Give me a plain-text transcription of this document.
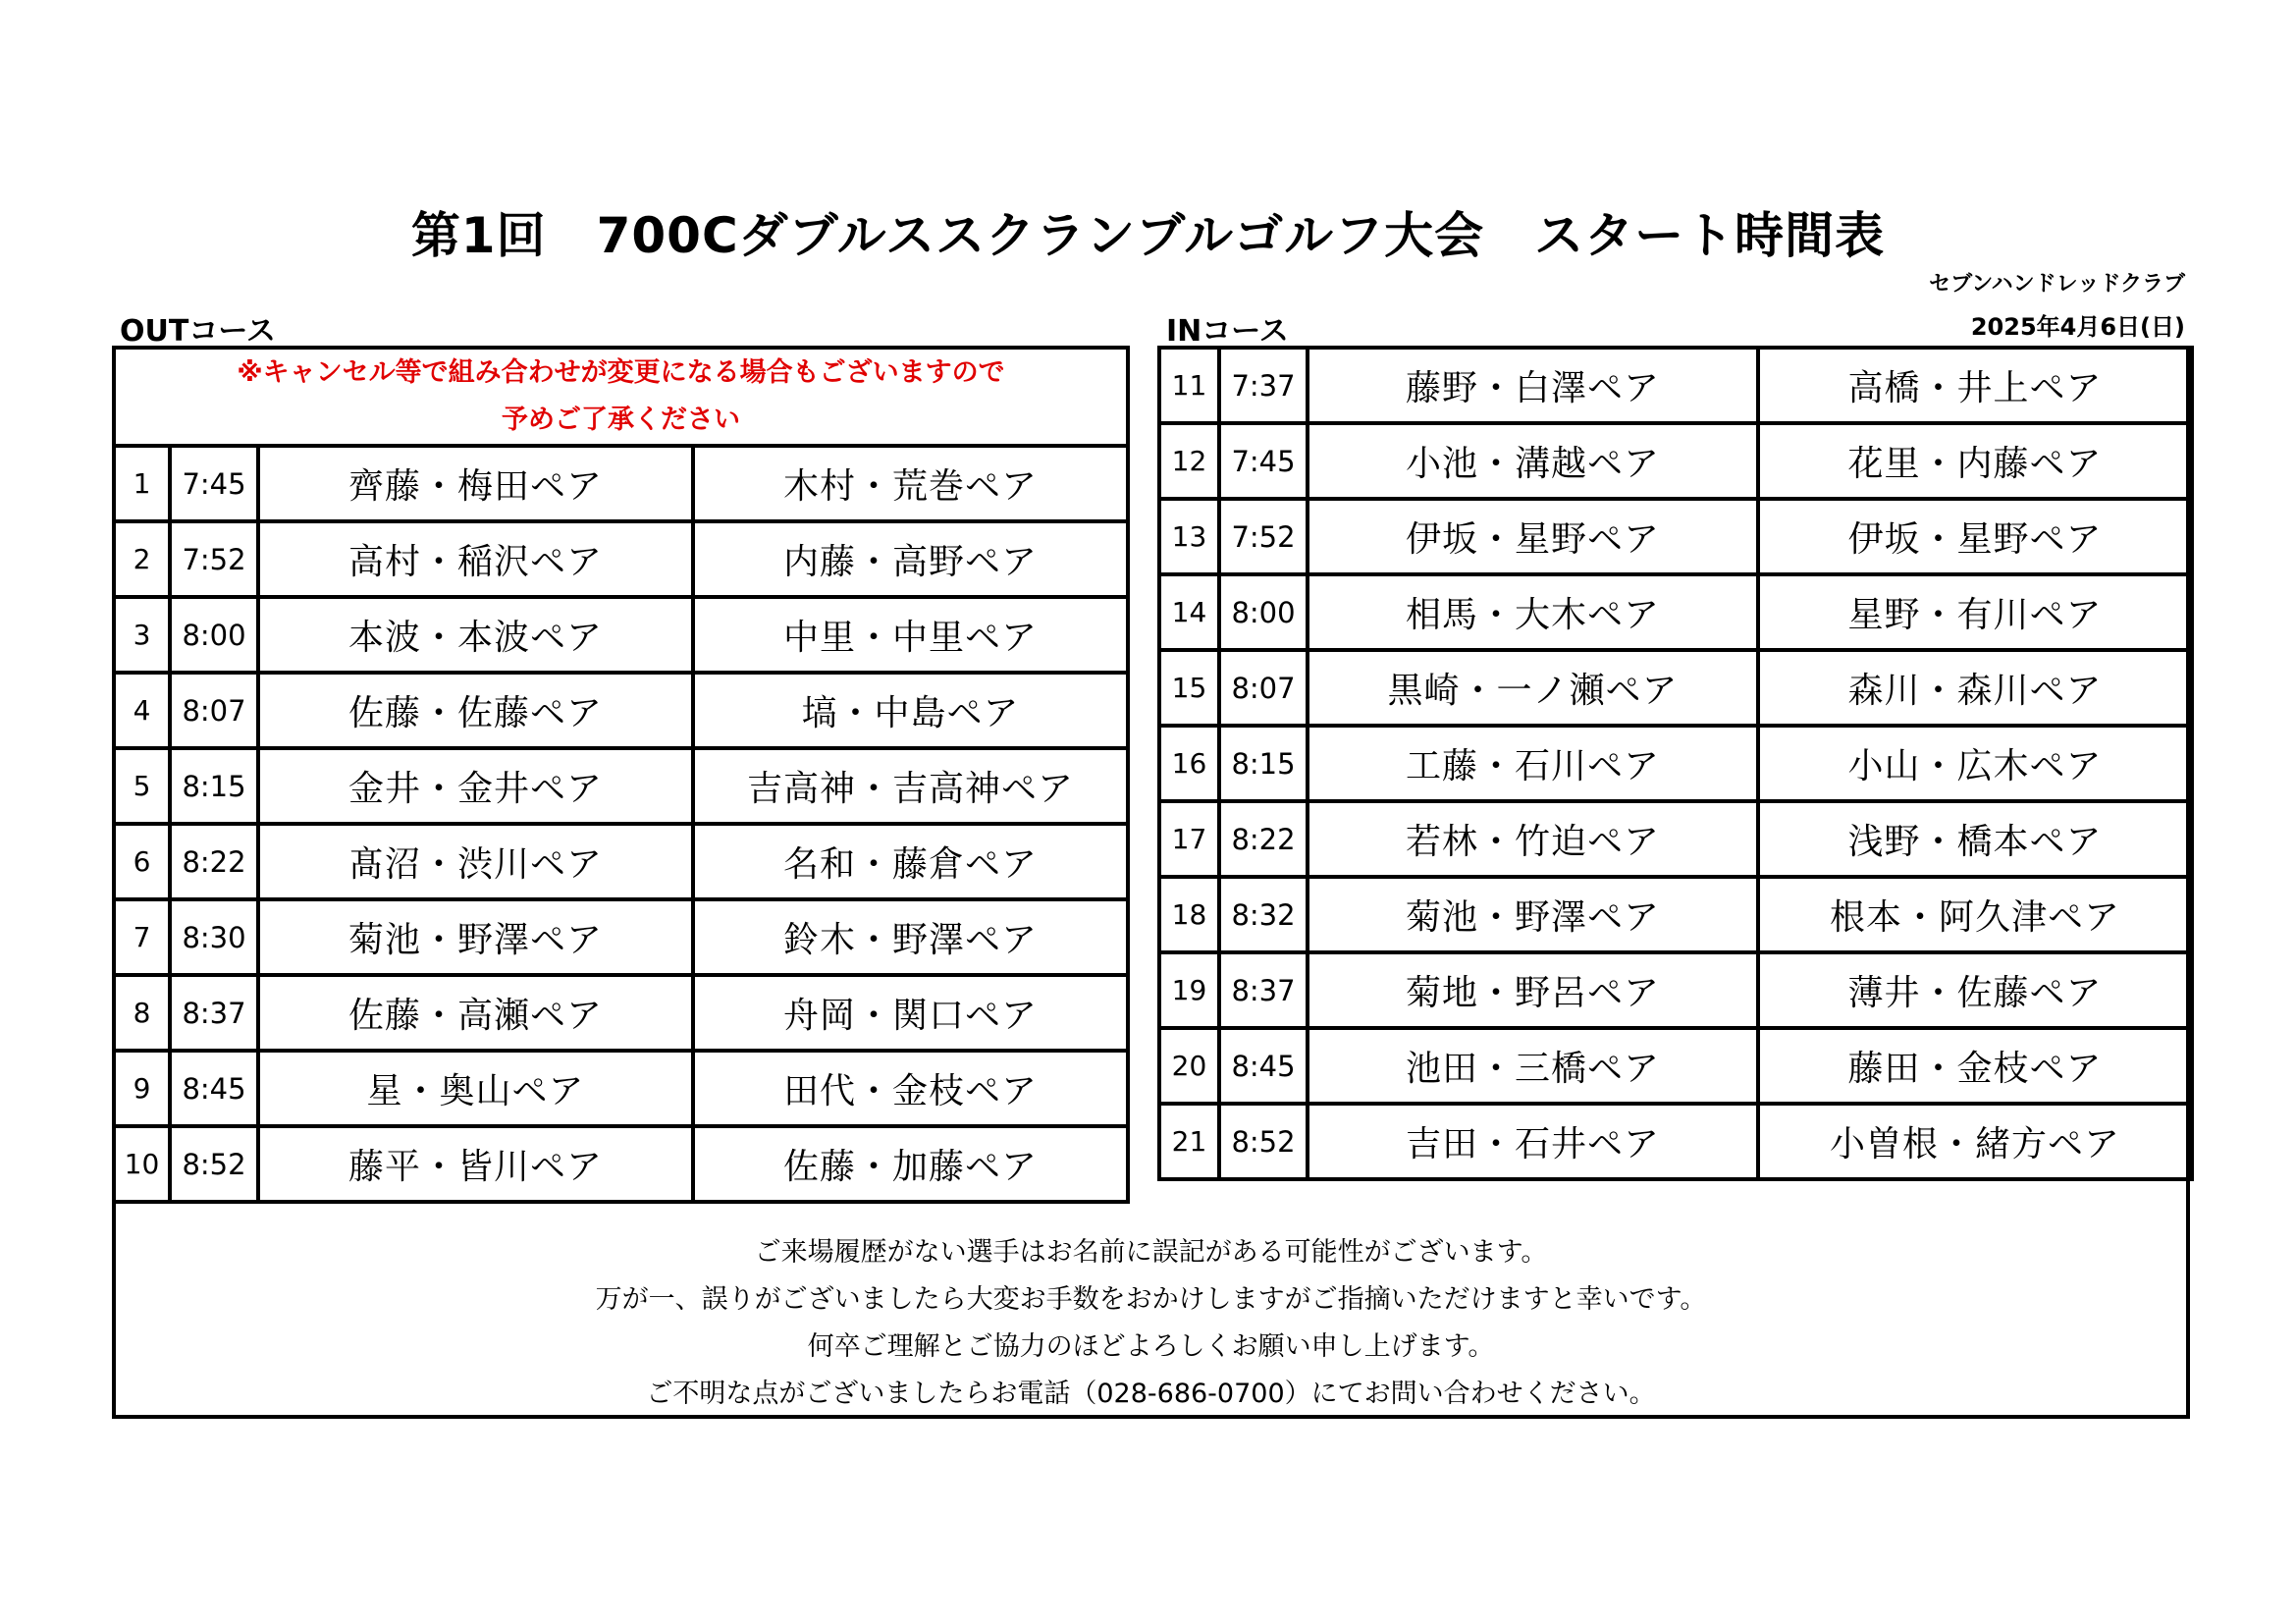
第1回　700Cダブルススクランブルゴルフ大会　スタート時間表
セブンハンドレッドクラブ
2025年4月6日(日)
OUTコース	INコース
※キャンセル等で組み合わせが変更になる場合もございますので
予めご了承ください			

1	7:45	齊藤・梅田ペア	木村・荒巻ペア
2	7:52	高村・稲沢ペア	内藤・高野ペア
3	8:00	本波・本波ペア	中里・中里ペア
4	8:07	佐藤・佐藤ペア	塙・中島ペア
5	8:15	金井・金井ペア	吉高神・吉高神ペア
6	8:22	髙沼・渋川ペア	名和・藤倉ペア
7	8:30	菊池・野澤ペア	鈴木・野澤ペア
8	8:37	佐藤・高瀬ペア	舟岡・関口ペア
9	8:45	星・奥山ペア	田代・金枝ペア
10	8:52	藤平・皆川ペア	佐藤・加藤ペア
11	7:37	藤野・白澤ペア	高橋・井上ペア
12	7:45	小池・溝越ペア	花里・内藤ペア
13	7:52	伊坂・星野ペア	伊坂・星野ペア
14	8:00	相馬・大木ペア	星野・有川ペア
15	8:07	黒崎・一ノ瀬ペア	森川・森川ペア
16	8:15	工藤・石川ペア	小山・広木ペア
17	8:22	若林・竹迫ペア	浅野・橋本ペア
18	8:32	菊池・野澤ペア	根本・阿久津ペア
19	8:37	菊地・野呂ペア	薄井・佐藤ペア
20	8:45	池田・三橋ペア	藤田・金枝ペア
21	8:52	吉田・石井ペア	小曽根・緒方ペア
ご来場履歴がない選手はお名前に誤記がある可能性がございます。
万が一、誤りがございましたら大変お手数をおかけしますがご指摘いただけますと幸いです。
何卒ご理解とご協力のほどよろしくお願い申し上げます。
ご不明な点がございましたらお電話（028-686-0700）にてお問い合わせください。
